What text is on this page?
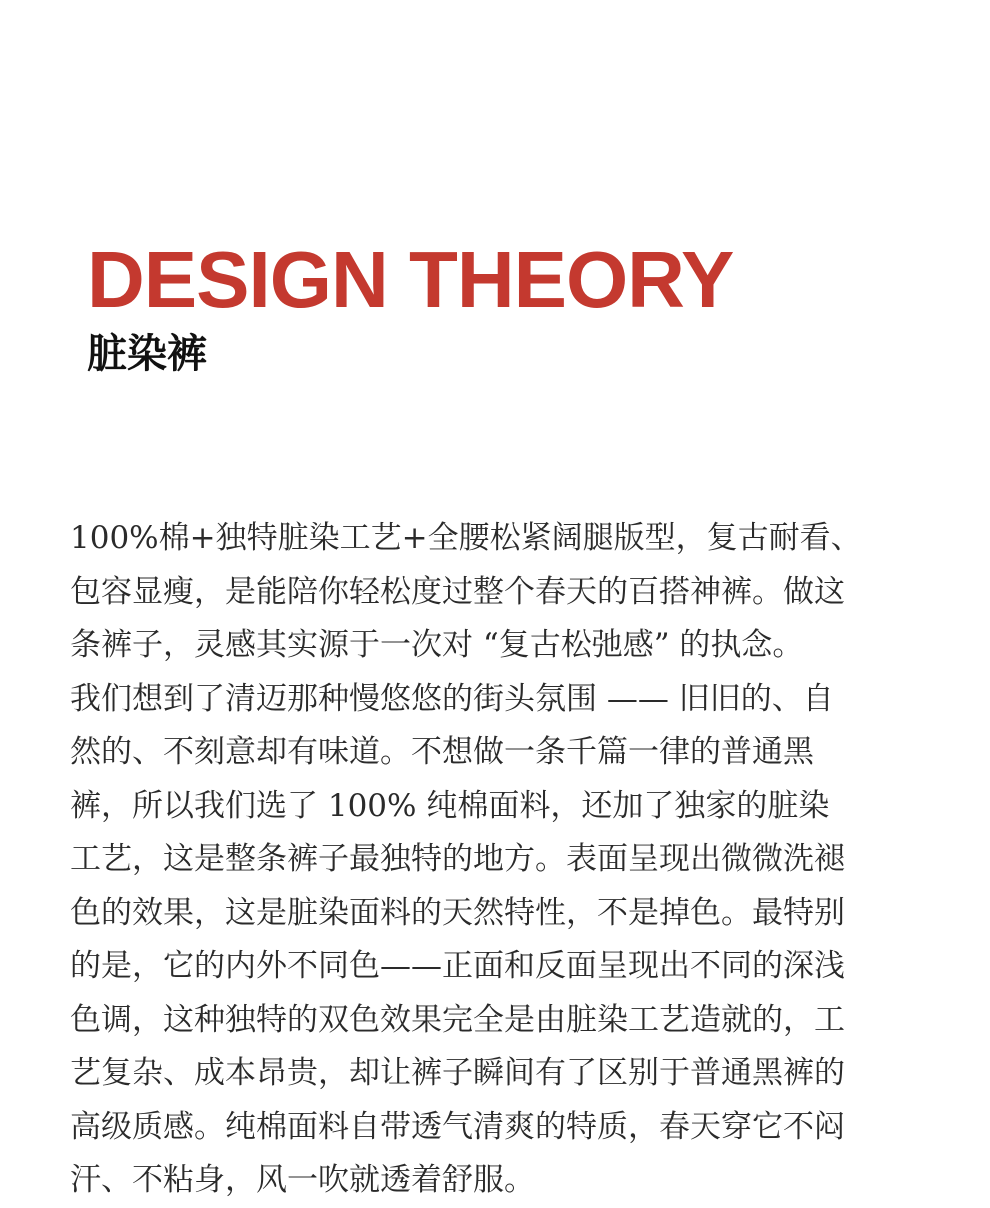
DESIGN THEORY
脏染裤

100%棉+独特脏染工艺+全腰松紧阔腿版型，复古耐看、
包容显瘦，是能陪你轻松度过整个春天的百搭神裤。做这
条裤子，灵感其实源于一次对 “复古松弛感” 的执念。
我们想到了清迈那种慢悠悠的街头氛围 —— 旧旧的、自
然的、不刻意却有味道。不想做一条千篇一律的普通黑
裤，所以我们选了 100% 纯棉面料，还加了独家的脏染
工艺，这是整条裤子最独特的地方。表面呈现出微微洗褪
色的效果，这是脏染面料的天然特性，不是掉色。最特别
的是，它的内外不同色——正面和反面呈现出不同的深浅
色调，这种独特的双色效果完全是由脏染工艺造就的，工
艺复杂、成本昂贵，却让裤子瞬间有了区别于普通黑裤的
高级质感。纯棉面料自带透气清爽的特质，春天穿它不闷
汗、不粘身，风一吹就透着舒服。
